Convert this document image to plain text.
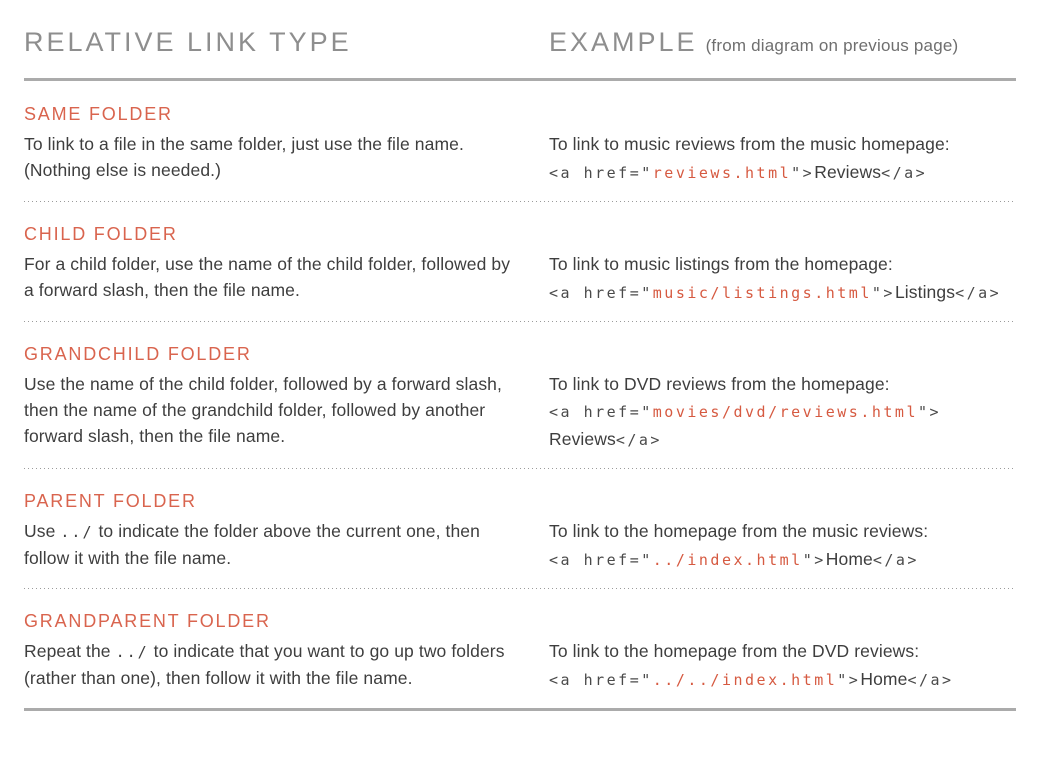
RELATIVE LINK TYPE	EXAMPLE (from diagram on previous page)
SAME FOLDER

To link to a file in the same folder, just use the file name. (Nothing else is needed.)

To link to music reviews from the music homepage:

<a href="reviews.html">Reviews</a>

CHILD FOLDER

For a child folder, use the name of the child folder, followed by a forward slash, then the file name.

To link to music listings from the homepage:

<a href="music/listings.html">Listings</a>

GRANDCHILD FOLDER

Use the name of the child folder, followed by a forward slash, then the name of the grandchild folder, followed by another forward slash, then the file name.

To link to DVD reviews from the homepage:

<a href="movies/dvd/reviews.html">
Reviews</a>

PARENT FOLDER

Use ../ to indicate the folder above the current one, then follow it with the file name.

To link to the homepage from the music reviews:

<a href="../index.html">Home</a>

GRANDPARENT FOLDER

Repeat the ../ to indicate that you want to go up two folders (rather than one), then follow it with the file name.

To link to the homepage from the DVD reviews:

<a href="../../index.html">Home</a>
